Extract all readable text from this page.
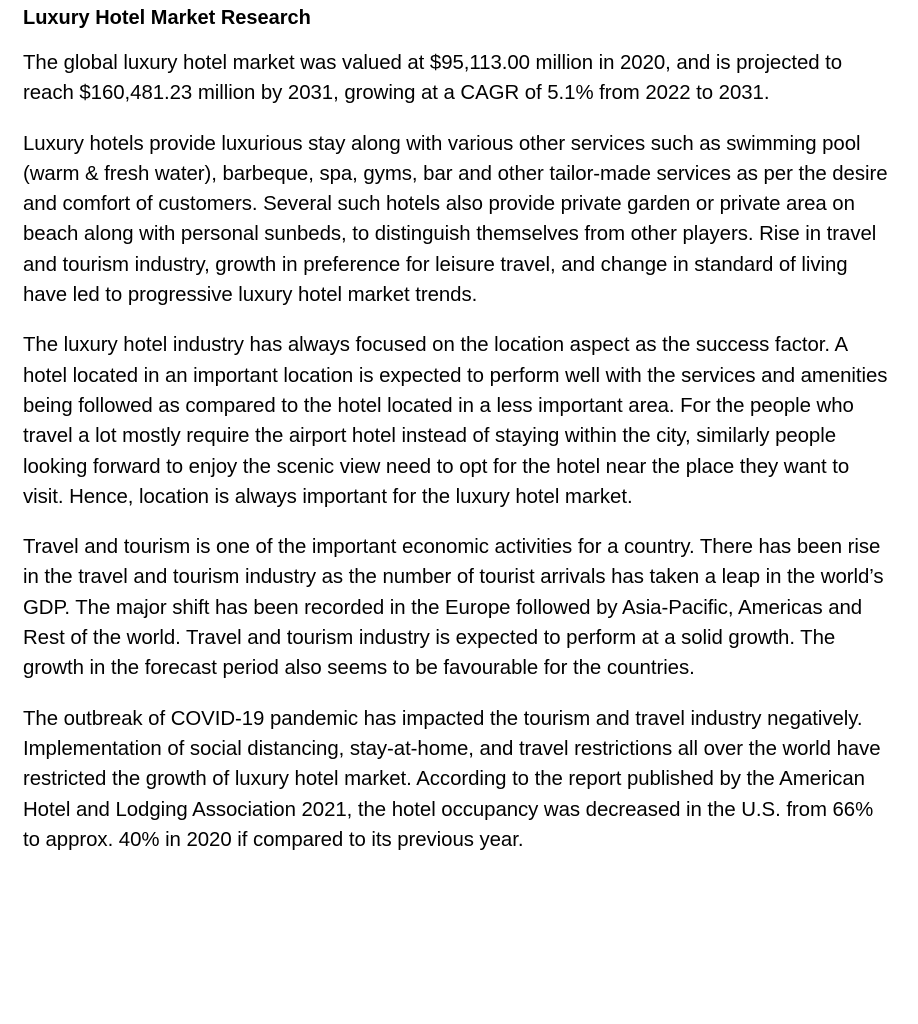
Luxury Hotel Market Research

The global luxury hotel market was valued at $95,113.00 million in 2020, and is projected to reach $160,481.23 million by 2031, growing at a CAGR of 5.1% from 2022 to 2031.

Luxury hotels provide luxurious stay along with various other services such as swimming pool (warm & fresh water), barbeque, spa, gyms, bar and other tailor-made services as per the desire and comfort of customers. Several such hotels also provide private garden or private area on beach along with personal sunbeds, to distinguish themselves from other players. Rise in travel and tourism industry, growth in preference for leisure travel, and change in standard of living have led to progressive luxury hotel market trends.

The luxury hotel industry has always focused on the location aspect as the success factor. A hotel located in an important location is expected to perform well with the services and amenities being followed as compared to the hotel located in a less important area. For the people who travel a lot mostly require the airport hotel instead of staying within the city, similarly people looking forward to enjoy the scenic view need to opt for the hotel near the place they want to visit. Hence, location is always important for the luxury hotel market.

Travel and tourism is one of the important economic activities for a country. There has been rise in the travel and tourism industry as the number of tourist arrivals has taken a leap in the world’s GDP. The major shift has been recorded in the Europe followed by Asia-Pacific, Americas and Rest of the world. Travel and tourism industry is expected to perform at a solid growth. The growth in the forecast period also seems to be favourable for the countries.

The outbreak of COVID-19 pandemic has impacted the tourism and travel industry negatively. Implementation of social distancing, stay-at-home, and travel restrictions all over the world have restricted the growth of luxury hotel market. According to the report published by the American Hotel and Lodging Association 2021, the hotel occupancy was decreased in the U.S. from 66% to approx. 40% in 2020 if compared to its previous year.
